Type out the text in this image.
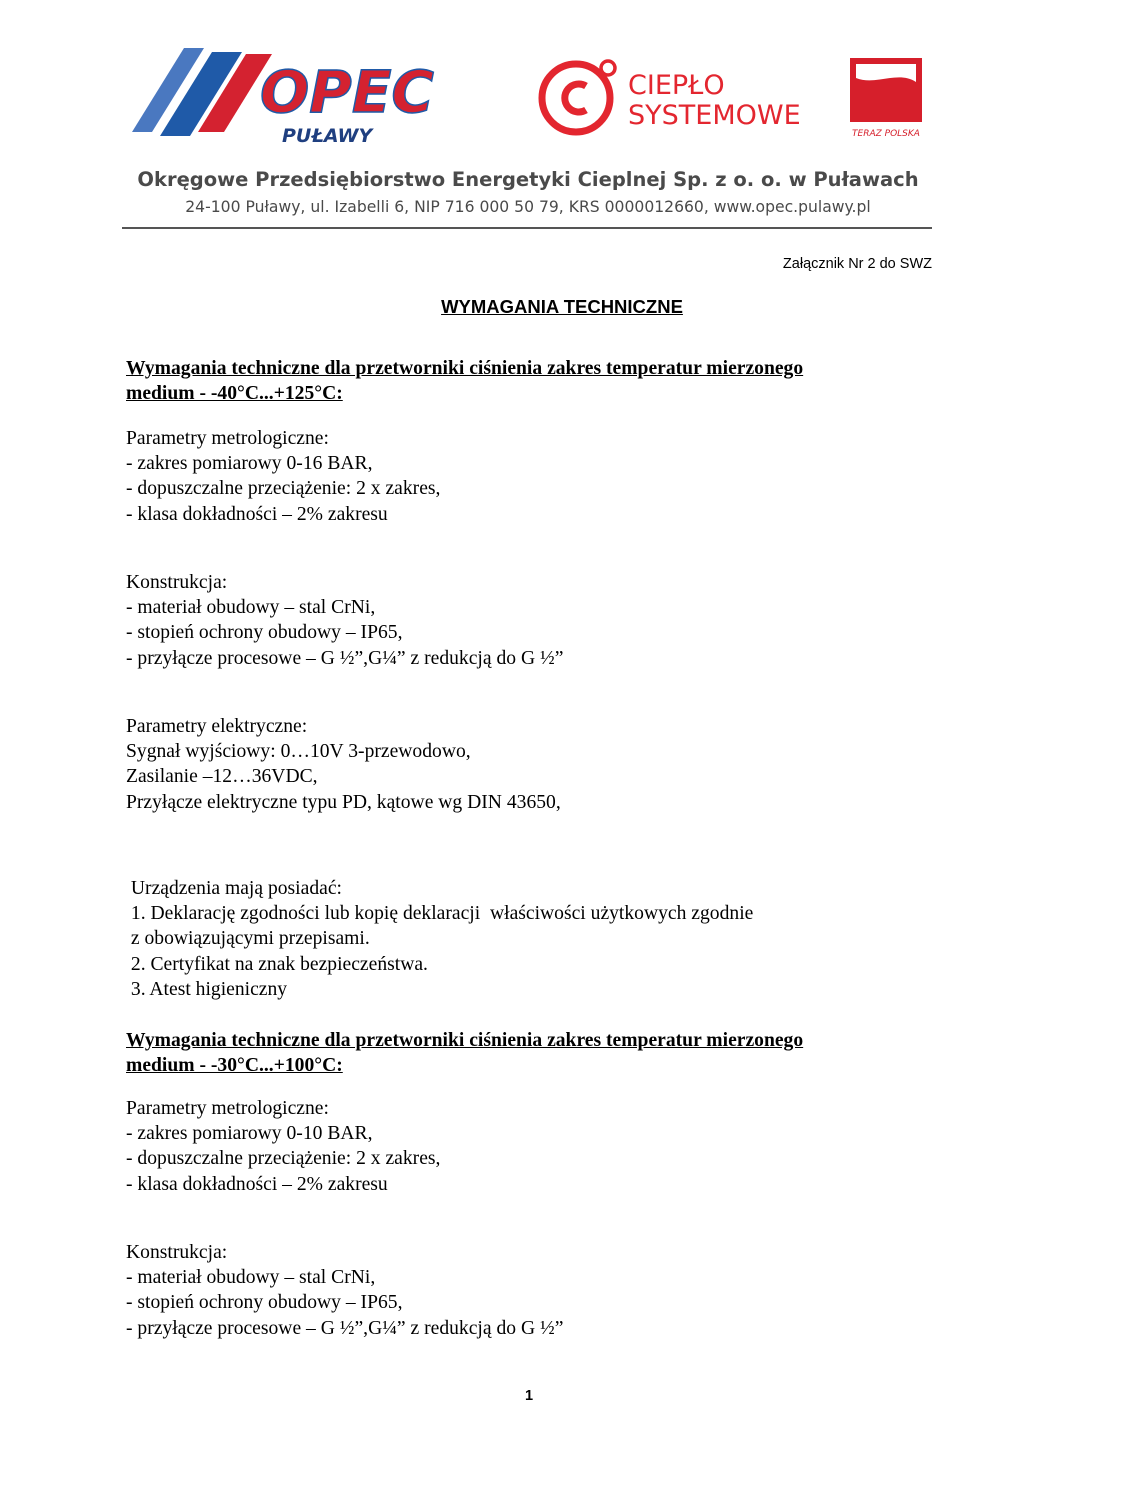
OPEC
PUŁAWY
CIEPŁO
SYSTEMOWE
TERAZ POLSKA
Okręgowe Przedsiębiorstwo Energetyki Cieplnej Sp. z o. o. w Puławach
24-100 Puławy, ul. Izabelli 6, NIP 716 000 50 79, KRS 0000012660, www.opec.pulawy.pl
Załącznik Nr 2 do SWZ
WYMAGANIA TECHNICZNE

Wymagania techniczne dla przetworniki ciśnienia zakres temperatur mierzonego

medium - -40°C...+125°C:

Parametry metrologiczne:

- zakres pomiarowy 0-16 BAR,

- dopuszczalne przeciążenie: 2 x zakres,

- klasa dokładności – 2% zakresu

Konstrukcja:

- materiał obudowy – stal CrNi,

- stopień ochrony obudowy – IP65,

- przyłącze procesowe – G ½”,G¼” z redukcją do G ½”

Parametry elektryczne:

Sygnał wyjściowy: 0…10V 3-przewodowo,

Zasilanie –12…36VDC,

Przyłącze elektryczne typu PD, kątowe wg DIN 43650,

Urządzenia mają posiadać:

1. Deklarację zgodności lub kopię deklaracji  właściwości użytkowych zgodnie

z obowiązującymi przepisami.

2. Certyfikat na znak bezpieczeństwa.

3. Atest higieniczny

Wymagania techniczne dla przetworniki ciśnienia zakres temperatur mierzonego

medium - -30°C...+100°C:

Parametry metrologiczne:

- zakres pomiarowy 0-10 BAR,

- dopuszczalne przeciążenie: 2 x zakres,

- klasa dokładności – 2% zakresu

Konstrukcja:

- materiał obudowy – stal CrNi,

- stopień ochrony obudowy – IP65,

- przyłącze procesowe – G ½”,G¼” z redukcją do G ½”

1
